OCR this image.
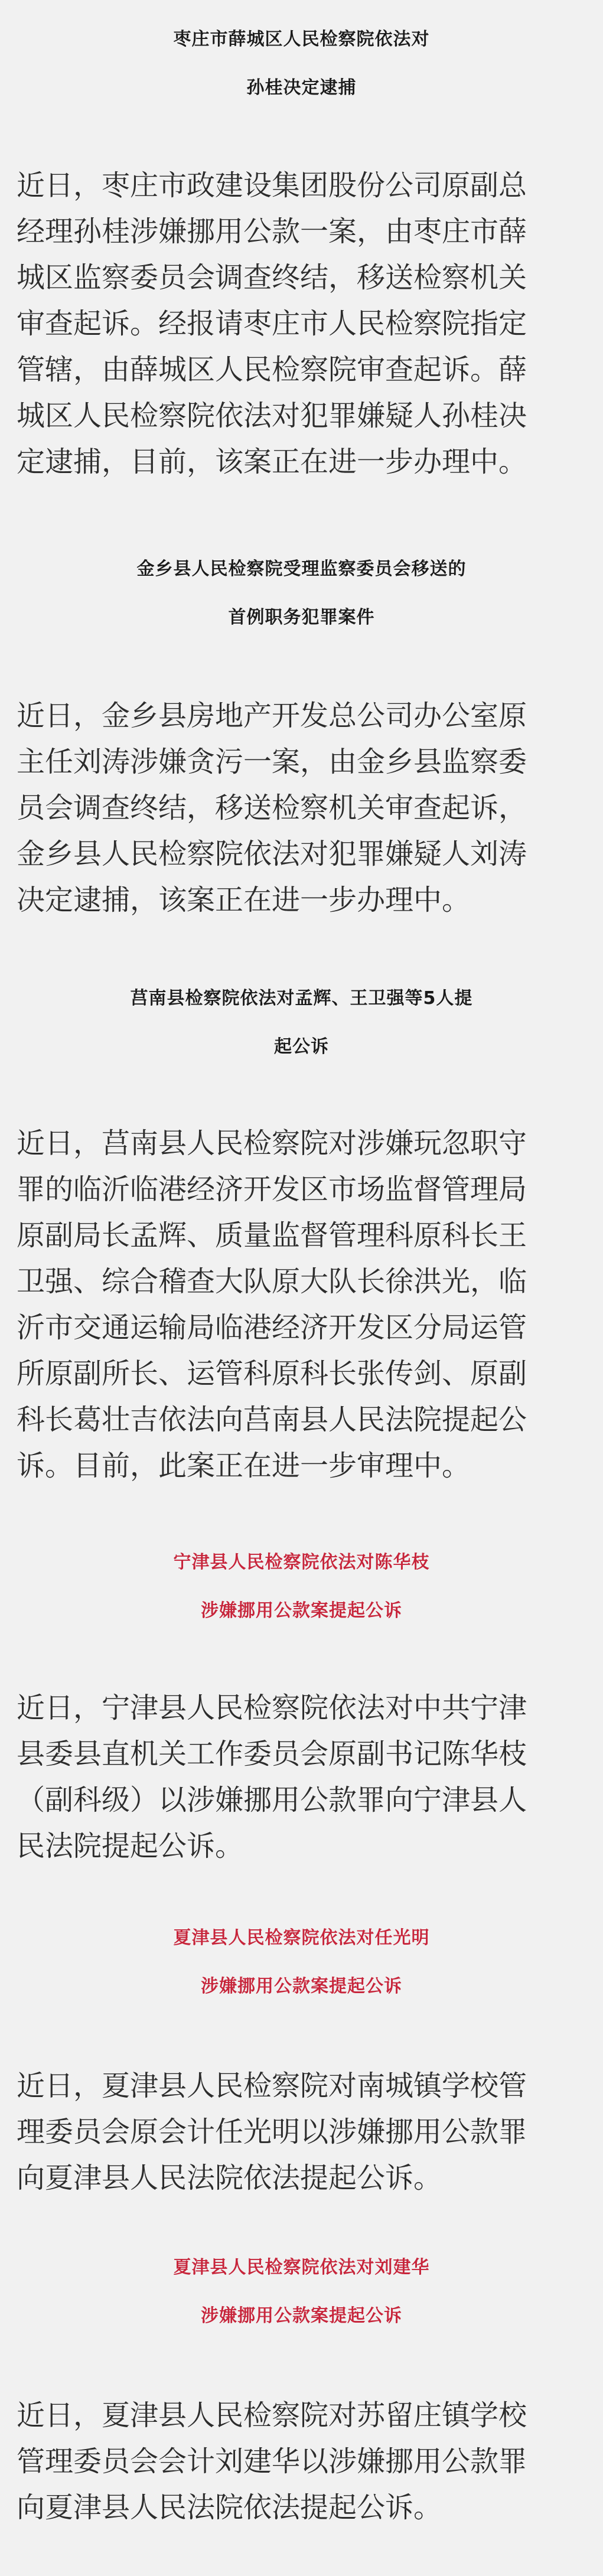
枣庄市薛城区人民检察院依法对
孙桂决定逮捕
近日，枣庄市政建设集团股份公司原副总
经理孙桂涉嫌挪用公款一案，由枣庄市薛
城区监察委员会调查终结，移送检察机关
审查起诉。经报请枣庄市人民检察院指定
管辖，由薛城区人民检察院审查起诉。薛
城区人民检察院依法对犯罪嫌疑人孙桂决
定逮捕，目前，该案正在进一步办理中。
金乡县人民检察院受理监察委员会移送的
首例职务犯罪案件
近日，金乡县房地产开发总公司办公室原
主任刘涛涉嫌贪污一案，由金乡县监察委
员会调查终结，移送检察机关审查起诉，
金乡县人民检察院依法对犯罪嫌疑人刘涛
决定逮捕，该案正在进一步办理中。
莒南县检察院依法对孟辉、王卫强等5人提
起公诉
近日，莒南县人民检察院对涉嫌玩忽职守
罪的临沂临港经济开发区市场监督管理局
原副局长孟辉、质量监督管理科原科长王
卫强、综合稽查大队原大队长徐洪光，临
沂市交通运输局临港经济开发区分局运管
所原副所长、运管科原科长张传剑、原副
科长葛壮吉依法向莒南县人民法院提起公
诉。目前，此案正在进一步审理中。
宁津县人民检察院依法对陈华枝
涉嫌挪用公款案提起公诉
近日，宁津县人民检察院依法对中共宁津
县委县直机关工作委员会原副书记陈华枝
（副科级）以涉嫌挪用公款罪向宁津县人
民法院提起公诉。
夏津县人民检察院依法对任光明
涉嫌挪用公款案提起公诉
近日，夏津县人民检察院对南城镇学校管
理委员会原会计任光明以涉嫌挪用公款罪
向夏津县人民法院依法提起公诉。
夏津县人民检察院依法对刘建华
涉嫌挪用公款案提起公诉
近日，夏津县人民检察院对苏留庄镇学校
管理委员会会计刘建华以涉嫌挪用公款罪
向夏津县人民法院依法提起公诉。
